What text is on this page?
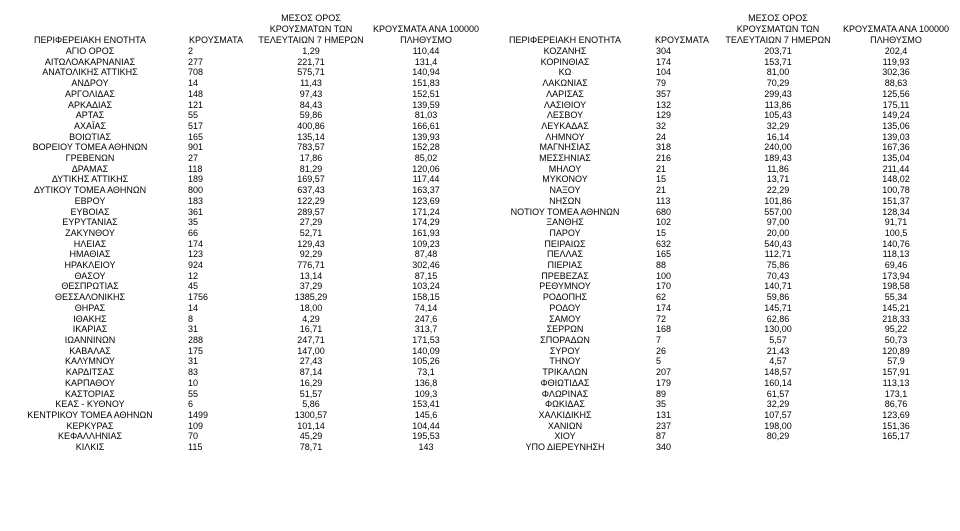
ΠΕΡΙΦΕΡΕΙΑΚΗ ΕΝΟΤΗΤΑ	ΚΡΟΥΣΜΑΤΑ	ΜΕΣΟΣ ΟΡΟΣ ΚΡΟΥΣΜΑΤΩΝ ΤΩΝ ΤΕΛΕΥΤΑΙΩΝ 7 ΗΜΕΡΩΝ	ΚΡΟΥΣΜΑΤΑ ΑΝΑ 100000 ΠΛΗΘΥΣΜΟ
ΑΓΙΟ ΟΡΟΣ	2	1,29	110,44
ΑΙΤΩΛΟΑΚΑΡΝΑΝΙΑΣ	277	221,71	131,4
ΑΝΑΤΟΛΙΚΗΣ ΑΤΤΙΚΗΣ	708	575,71	140,94
ΑΝΔΡΟΥ	14	11,43	151,83
ΑΡΓΟΛΙΔΑΣ	148	97,43	152,51
ΑΡΚΑΔΙΑΣ	121	84,43	139,59
ΑΡΤΑΣ	55	59,86	81,03
ΑΧΑΪΑΣ	517	400,86	166,61
ΒΟΙΩΤΙΑΣ	165	135,14	139,93
ΒΟΡΕΙΟΥ ΤΟΜΕΑ ΑΘΗΝΩΝ	901	783,57	152,28
ΓΡΕΒΕΝΩΝ	27	17,86	85,02
ΔΡΑΜΑΣ	118	81,29	120,06
ΔΥΤΙΚΗΣ ΑΤΤΙΚΗΣ	189	169,57	117,44
ΔΥΤΙΚΟΥ ΤΟΜΕΑ ΑΘΗΝΩΝ	800	637,43	163,37
ΕΒΡΟΥ	183	122,29	123,69
ΕΥΒΟΙΑΣ	361	289,57	171,24
ΕΥΡΥΤΑΝΙΑΣ	35	27,29	174,29
ΖΑΚΥΝΘΟΥ	66	52,71	161,93
ΗΛΕΙΑΣ	174	129,43	109,23
ΗΜΑΘΙΑΣ	123	92,29	87,48
ΗΡΑΚΛΕΙΟΥ	924	776,71	302,46
ΘΑΣΟΥ	12	13,14	87,15
ΘΕΣΠΡΩΤΙΑΣ	45	37,29	103,24
ΘΕΣΣΑΛΟΝΙΚΗΣ	1756	1385,29	158,15
ΘΗΡΑΣ	14	18,00	74,14
ΙΘΑΚΗΣ	8	4,29	247,6
ΙΚΑΡΙΑΣ	31	16,71	313,7
ΙΩΑΝΝΙΝΩΝ	288	247,71	171,53
ΚΑΒΑΛΑΣ	175	147,00	140,09
ΚΑΛΥΜΝΟΥ	31	27,43	105,26
ΚΑΡΔΙΤΣΑΣ	83	87,14	73,1
ΚΑΡΠΑΘΟΥ	10	16,29	136,8
ΚΑΣΤΟΡΙΑΣ	55	51,57	109,3
ΚΕΑΣ - ΚΥΘΝΟΥ	6	5,86	153,41
ΚΕΝΤΡΙΚΟΥ ΤΟΜΕΑ ΑΘΗΝΩΝ	1499	1300,57	145,6
ΚΕΡΚΥΡΑΣ	109	101,14	104,44
ΚΕΦΑΛΛΗΝΙΑΣ	70	45,29	195,53
ΚΙΛΚΙΣ	115	78,71	143
ΠΕΡΙΦΕΡΕΙΑΚΗ ΕΝΟΤΗΤΑ	ΚΡΟΥΣΜΑΤΑ	ΜΕΣΟΣ ΟΡΟΣ ΚΡΟΥΣΜΑΤΩΝ ΤΩΝ ΤΕΛΕΥΤΑΙΩΝ 7 ΗΜΕΡΩΝ	ΚΡΟΥΣΜΑΤΑ ΑΝΑ 100000 ΠΛΗΘΥΣΜΟ
ΚΟΖΑΝΗΣ	304	203,71	202,4
ΚΟΡΙΝΘΙΑΣ	174	153,71	119,93
ΚΩ	104	81,00	302,36
ΛΑΚΩΝΙΑΣ	79	70,29	88,63
ΛΑΡΙΣΑΣ	357	299,43	125,56
ΛΑΣΙΘΙΟΥ	132	113,86	175,11
ΛΕΣΒΟΥ	129	105,43	149,24
ΛΕΥΚΑΔΑΣ	32	32,29	135,06
ΛΗΜΝΟΥ	24	16,14	139,03
ΜΑΓΝΗΣΙΑΣ	318	240,00	167,36
ΜΕΣΣΗΝΙΑΣ	216	189,43	135,04
ΜΗΛΟΥ	21	11,86	211,44
ΜΥΚΟΝΟΥ	15	13,71	148,02
ΝΑΞΟΥ	21	22,29	100,78
ΝΗΣΩΝ	113	101,86	151,37
ΝΟΤΙΟΥ ΤΟΜΕΑ ΑΘΗΝΩΝ	680	557,00	128,34
ΞΑΝΘΗΣ	102	97,00	91,71
ΠΑΡΟΥ	15	20,00	100,5
ΠΕΙΡΑΙΩΣ	632	540,43	140,76
ΠΕΛΛΑΣ	165	112,71	118,13
ΠΙΕΡΙΑΣ	88	75,86	69,46
ΠΡΕΒΕΖΑΣ	100	70,43	173,94
ΡΕΘΥΜΝΟΥ	170	140,71	198,58
ΡΟΔΟΠΗΣ	62	59,86	55,34
ΡΟΔΟΥ	174	145,71	145,21
ΣΑΜΟΥ	72	62,86	218,33
ΣΕΡΡΩΝ	168	130,00	95,22
ΣΠΟΡΑΔΩΝ	7	5,57	50,73
ΣΥΡΟΥ	26	21,43	120,89
ΤΗΝΟΥ	5	4,57	57,9
ΤΡΙΚΑΛΩΝ	207	148,57	157,91
ΦΘΙΩΤΙΔΑΣ	179	160,14	113,13
ΦΛΩΡΙΝΑΣ	89	61,57	173,1
ΦΩΚΙΔΑΣ	35	32,29	86,76
ΧΑΛΚΙΔΙΚΗΣ	131	107,57	123,69
ΧΑΝΙΩΝ	237	198,00	151,36
ΧΙΟΥ	87	80,29	165,17
ΥΠΟ ΔΙΕΡΕΥΝΗΣΗ	340		
